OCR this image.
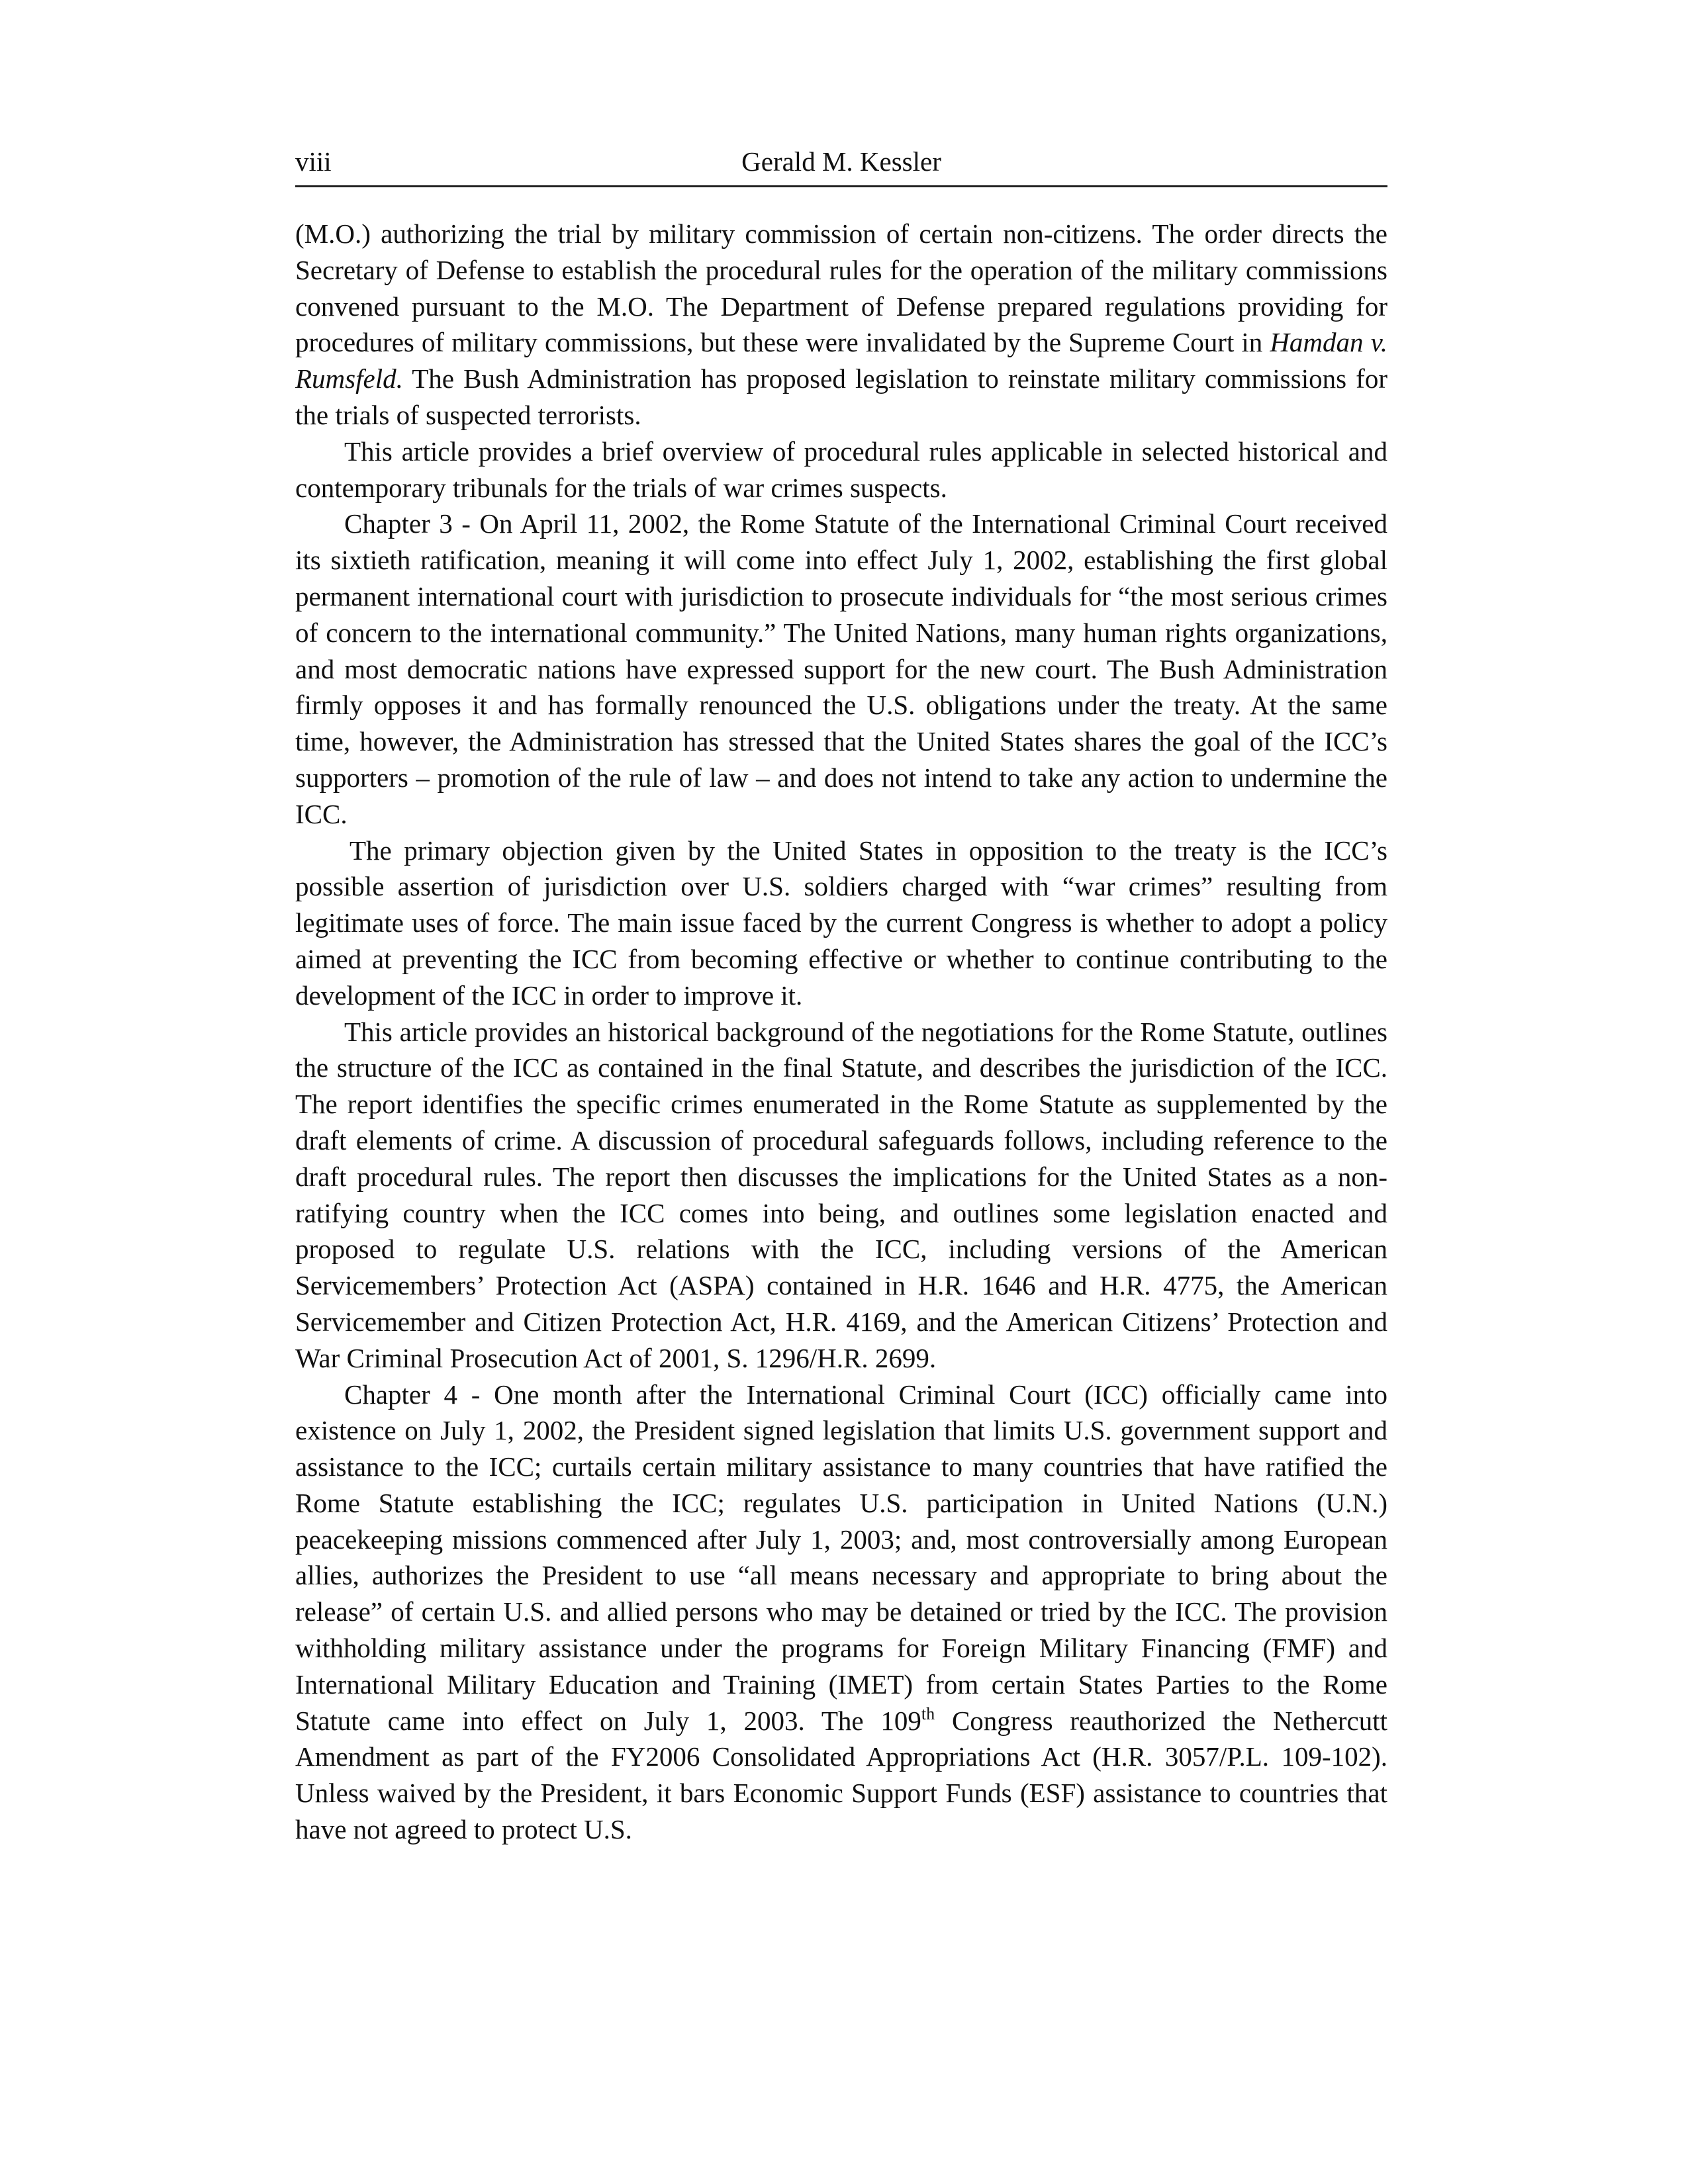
viii	Gerald M. Kessler

(M.O.) authorizing the trial by military commission of certain non-citizens. The order directs the Secretary of Defense to establish the procedural rules for the operation of the military commissions convened pursuant to the M.O. The Department of Defense prepared regulations providing for procedures of military commissions, but these were invalidated by the Supreme Court in Hamdan v. Rumsfeld. The Bush Administration has proposed legislation to reinstate military commissions for the trials of suspected terrorists.

This article provides a brief overview of procedural rules applicable in selected historical and contemporary tribunals for the trials of war crimes suspects.

Chapter 3 - On April 11, 2002, the Rome Statute of the International Criminal Court received its sixtieth ratification, meaning it will come into effect July 1, 2002, establishing the first global permanent international court with jurisdiction to prosecute individuals for “the most serious crimes of concern to the international community.” The United Nations, many human rights organizations, and most democratic nations have expressed support for the new court. The Bush Administration firmly opposes it and has formally renounced the U.S. obligations under the treaty. At the same time, however, the Administration has stressed that the United States shares the goal of the ICC’s supporters – promotion of the rule of law – and does not intend to take any action to undermine the ICC.

The primary objection given by the United States in opposition to the treaty is the ICC’s possible assertion of jurisdiction over U.S. soldiers charged with “war crimes” resulting from legitimate uses of force. The main issue faced by the current Congress is whether to adopt a policy aimed at preventing the ICC from becoming effective or whether to continue contributing to the development of the ICC in order to improve it.

This article provides an historical background of the negotiations for the Rome Statute, outlines the structure of the ICC as contained in the final Statute, and describes the jurisdiction of the ICC. The report identifies the specific crimes enumerated in the Rome Statute as supplemented by the draft elements of crime. A discussion of procedural safeguards follows, including reference to the draft procedural rules. The report then discusses the implications for the United States as a non-ratifying country when the ICC comes into being, and outlines some legislation enacted and proposed to regulate U.S. relations with the ICC, including versions of the American Servicemembers’ Protection Act (ASPA) contained in H.R. 1646 and H.R. 4775, the American Servicemember and Citizen Protection Act, H.R. 4169, and the American Citizens’ Protection and War Criminal Prosecution Act of 2001, S. 1296/H.R. 2699.

Chapter 4 - One month after the International Criminal Court (ICC) officially came into existence on July 1, 2002, the President signed legislation that limits U.S. government support and assistance to the ICC; curtails certain military assistance to many countries that have ratified the Rome Statute establishing the ICC; regulates U.S. participation in United Nations (U.N.) peacekeeping missions commenced after July 1, 2003; and, most controversially among European allies, authorizes the President to use “all means necessary and appropriate to bring about the release” of certain U.S. and allied persons who may be detained or tried by the ICC. The provision withholding military assistance under the programs for Foreign Military Financing (FMF) and International Military Education and Training (IMET) from certain States Parties to the Rome Statute came into effect on July 1, 2003. The 109th Congress reauthorized the Nethercutt Amendment as part of the FY2006 Consolidated Appropriations Act (H.R. 3057/P.L. 109-102). Unless waived by the President, it bars Economic Support Funds (ESF) assistance to countries that have not agreed to protect U.S.
